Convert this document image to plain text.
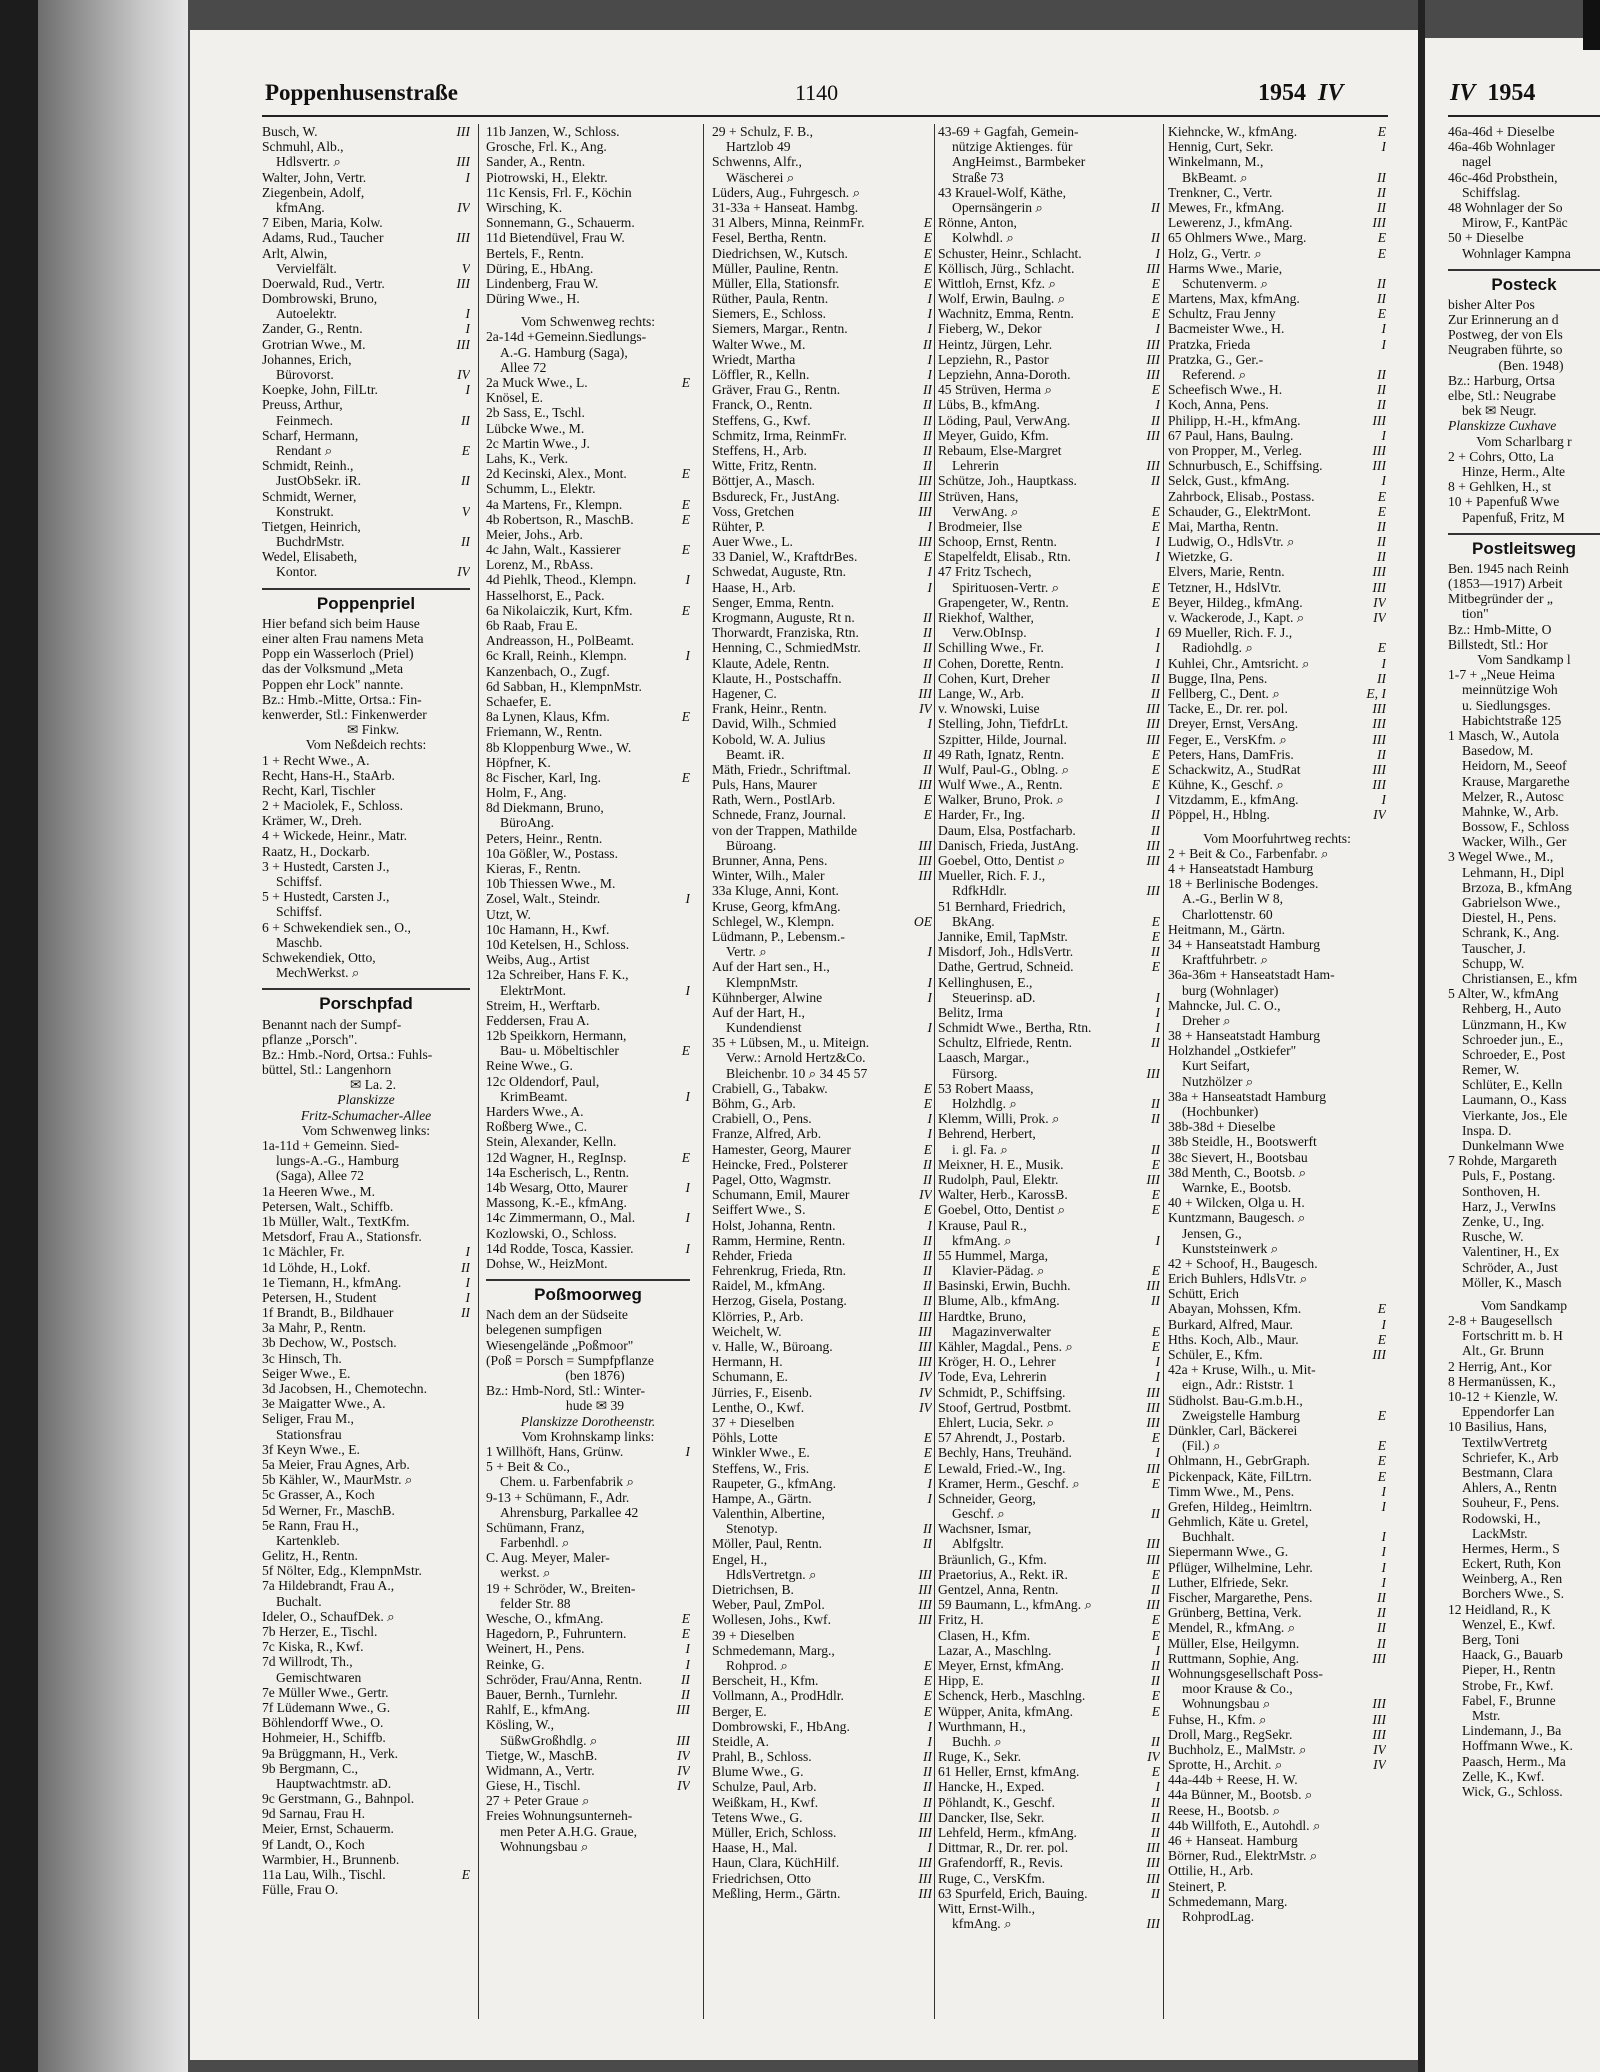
Poppenhusenstraße	1140	1954 IV	IV 1954
Busch, W.	III
Schmuhl, Alb.,
Hdlsvertr. ⌕	III
Walter, John, Vertr.	I
Ziegenbein, Adolf,
kfmAng.	IV
7 Eiben, Maria, Kolw.
Adams, Rud., Taucher	III
Arlt, Alwin,
Vervielfält.	V
Doerwald, Rud., Vertr.	III
Dombrowski, Bruno,
Autoelektr.	I
Zander, G., Rentn.	I
Grotrian Wwe., M.	III
Johannes, Erich,
Bürovorst.	IV
Koepke, John, FilLtr.	I
Preuss, Arthur,
Feinmech.	II
Scharf, Hermann,
Rendant ⌕	E
Schmidt, Reinh.,
JustObSekr. iR.	II
Schmidt, Werner,
Konstrukt.	V
Tietgen, Heinrich,
BuchdrMstr.	II
Wedel, Elisabeth,
Kontor.	IV
Poppenpriel
Hier befand sich beim Hause
einer alten Frau namens Meta
Popp ein Wasserloch (Priel)
das der Volksmund „Meta
Poppen ehr Lock" nannte.
Bz.: Hmb.-Mitte, Ortsa.: Fin-
kenwerder, Stl.: Finkenwerder
✉ Finkw.
Vom Neßdeich rechts:
1 + Recht Wwe., A.
Recht, Hans-H., StaArb.
Recht, Karl, Tischler
2 + Maciolek, F., Schloss.
Krämer, W., Dreh.
4 + Wickede, Heinr., Matr.
Raatz, H., Dockarb.
3 + Hustedt, Carsten J.,
Schiffsf.
5 + Hustedt, Carsten J.,
Schiffsf.
6 + Schwekendiek sen., O.,
Maschb.
Schwekendiek, Otto,
MechWerkst. ⌕
Porschpfad
Benannt nach der Sumpf-
pflanze „Porsch".
Bz.: Hmb.-Nord, Ortsa.: Fuhls-
büttel, Stl.: Langenhorn
✉ La. 2.
Planskizze
Fritz-Schumacher-Allee
Vom Schwenweg links:
1a-11d + Gemeinn. Sied-
lungs-A.-G., Hamburg
(Saga), Allee 72
1a Heeren Wwe., M.
Petersen, Walt., Schiffb.
1b Müller, Walt., TextKfm.
Metsdorf, Frau A., Stationsfr.
1c Mächler, Fr.	I
1d Löhde, H., Lokf.	II
1e Tiemann, H., kfmAng.	I
Petersen, H., Student	I
1f Brandt, B., Bildhauer	II
3a Mahr, P., Rentn.
3b Dechow, W., Postsch.
3c Hinsch, Th.
Seiger Wwe., E.
3d Jacobsen, H., Chemotechn.
3e Maigatter Wwe., A.
Seliger, Frau M.,
Stationsfrau
3f Keyn Wwe., E.
5a Meier, Frau Agnes, Arb.
5b Kähler, W., MaurMstr. ⌕
5c Grasser, A., Koch
5d Werner, Fr., MaschB.
5e Rann, Frau H.,
Kartenkleb.
Gelitz, H., Rentn.
5f Nölter, Edg., KlempnMstr.
7a Hildebrandt, Frau A.,
Buchalt.
Ideler, O., SchaufDek. ⌕
7b Herzer, E., Tischl.
7c Kiska, R., Kwf.
7d Willrodt, Th.,
Gemischtwaren
7e Müller Wwe., Gertr.
7f Lüdemann Wwe., G.
Böhlendorff Wwe., O.
Hohmeier, H., Schiffb.
9a Brüggmann, H., Verk.
9b Bergmann, C.,
Hauptwachtmstr. aD.
9c Gerstmann, G., Bahnpol.
9d Sarnau, Frau H.
Meier, Ernst, Schauerm.
9f Landt, O., Koch
Warmbier, H., Brunnenb.
11a Lau, Wilh., Tischl.	E
Fülle, Frau O.
11b Janzen, W., Schloss.
Grosche, Frl. K., Ang.
Sander, A., Rentn.
Piotrowski, H., Elektr.
11c Kensis, Frl. F., Köchin
Wirsching, K.
Sonnemann, G., Schauerm.
11d Bietendüvel, Frau W.
Bertels, F., Rentn.
Düring, E., HbAng.
Lindenberg, Frau W.
Düring Wwe., H.
Vom Schwenweg rechts:
2a-14d +Gemeinn.Siedlungs-
A.-G. Hamburg (Saga),
Allee 72
2a Muck Wwe., L.	E
Knösel, E.
2b Sass, E., Tschl.
Lübcke Wwe., M.
2c Martin Wwe., J.
Lahs, K., Verk.
2d Kecinski, Alex., Mont.	E
Schumm, L., Elektr.
4a Martens, Fr., Klempn.	E
4b Robertson, R., MaschB.	E
Meier, Johs., Arb.
4c Jahn, Walt., Kassierer	E
Lorenz, M., RbAss.
4d Piehlk, Theod., Klempn.	I
Hasselhorst, E., Pack.
6a Nikolaiczik, Kurt, Kfm.	E
6b Raab, Frau E.
Andreasson, H., PolBeamt.
6c Krall, Reinh., Klempn.	I
Kanzenbach, O., Zugf.
6d Sabban, H., KlempnMstr.
Schaefer, E.
8a Lynen, Klaus, Kfm.	E
Friemann, W., Rentn.
8b Kloppenburg Wwe., W.
Höpfner, K.
8c Fischer, Karl, Ing.	E
Holm, F., Ang.
8d Diekmann, Bruno,
BüroAng.
Peters, Heinr., Rentn.
10a Gößler, W., Postass.
Kieras, F., Rentn.
10b Thiessen Wwe., M.
Zosel, Walt., Steindr.	I
Utzt, W.
10c Hamann, H., Kwf.
10d Ketelsen, H., Schloss.
Weibs, Aug., Artist
12a Schreiber, Hans F. K.,
ElektrMont.	I
Streim, H., Werftarb.
Feddersen, Frau A.
12b Speikkorn, Hermann,
Bau- u. Möbeltischler	E
Reine Wwe., G.
12c Oldendorf, Paul,
KrimBeamt.	I
Harders Wwe., A.
Roßberg Wwe., C.
Stein, Alexander, Kelln.
12d Wagner, H., RegInsp.	E
14a Escherisch, L., Rentn.
14b Wesarg, Otto, Maurer	I
Massong, K.-E., kfmAng.
14c Zimmermann, O., Mal.	I
Kozlowski, O., Schloss.
14d Rodde, Tosca, Kassier.	I
Dohse, W., HeizMont.
Poßmoorweg
Nach dem an der Südseite
belegenen sumpfigen
Wiesengelände „Poßmoor"
(Poß = Porsch = Sumpfpflanze
(ben 1876)
Bz.: Hmb-Nord, Stl.: Winter-
hude ✉ 39
Planskizze Dorotheenstr.
Vom Krohnskamp links:
1 Willhöft, Hans, Grünw.	I
5 + Beit & Co.,
Chem. u. Farbenfabrik ⌕
9-13 + Schümann, F., Adr.
Ahrensburg, Parkallee 42
Schümann, Franz,
Farbenhdl. ⌕
C. Aug. Meyer, Maler-
werkst. ⌕
19 + Schröder, W., Breiten-
felder Str. 88
Wesche, O., kfmAng.	E
Hagedorn, P., Fuhruntern.	E
Weinert, H., Pens.	I
Reinke, G.	I
Schröder, Frau/Anna, Rentn.	II
Bauer, Bernh., Turnlehr.	II
Rahlf, E., kfmAng.	III
Kösling, W.,
SüßwGroßhdlg. ⌕	III
Tietge, W., MaschB.	IV
Widmann, A., Vertr.	IV
Giese, H., Tischl.	IV
27 + Peter Graue ⌕
Freies Wohnungsunterneh-
men Peter A.H.G. Graue,
Wohnungsbau ⌕
29 + Schulz, F. B.,
Hartzlob 49
Schwenns, Alfr.,
Wäscherei ⌕
Lüders, Aug., Fuhrgesch. ⌕
31-33a + Hanseat. Hambg.
31 Albers, Minna, ReinmFr.	E
Fesel, Bertha, Rentn.	E
Diedrichsen, W., Kutsch.	E
Müller, Pauline, Rentn.	E
Müller, Ella, Stationsfr.	E
Rüther, Paula, Rentn.	I
Siemers, E., Schloss.	I
Siemers, Margar., Rentn.	I
Walter Wwe., M.	II
Wriedt, Martha	I
Löffler, R., Kelln.	I
Gräver, Frau G., Rentn.	II
Franck, O., Rentn.	II
Steffens, G., Kwf.	II
Schmitz, Irma, ReinmFr.	II
Steffens, H., Arb.	II
Witte, Fritz, Rentn.	II
Böttjer, A., Masch.	III
Bsdureck, Fr., JustAng.	III
Voss, Gretchen	III
Rühter, P.	I
Auer Wwe., L.	III
33 Daniel, W., KraftdrBes.	E
Schwedat, Auguste, Rtn.	I
Haase, H., Arb.	I
Senger, Emma, Rentn.
Krogmann, Auguste, Rt n.	II
Thorwardt, Franziska, Rtn.	II
Henning, C., SchmiedMstr.	II
Klaute, Adele, Rentn.	II
Klaute, H., Postschaffn.	II
Hagener, C.	III
Frank, Heinr., Rentn.	IV
David, Wilh., Schmied	I
Kobold, W. A. Julius
Beamt. iR.	II
Mäth, Friedr., Schriftmal.	II
Puls, Hans, Maurer	III
Rath, Wern., PostlArb.	E
Schnede, Franz, Journal.	E
von der Trappen, Mathilde
Büroang.	III
Brunner, Anna, Pens.	III
Winter, Wilh., Maler	III
33a Kluge, Anni, Kont.
Kruse, Georg, kfmAng.
Schlegel, W., Klempn.	OE
Lüdmann, P., Lebensm.-
Vertr. ⌕	I
Auf der Hart sen., H.,
KlempnMstr.	I
Kühnberger, Alwine	I
Auf der Hart, H.,
Kundendienst	I
35 + Lübsen, M., u. Miteign.
Verw.: Arnold Hertz&Co.
Bleichenbr. 10 ⌕ 34 45 57
Crabiell, G., Tabakw.	E
Böhm, G., Arb.	E
Crabiell, O., Pens.	I
Franze, Alfred, Arb.	I
Hamester, Georg, Maurer	E
Heincke, Fred., Polsterer	II
Pagel, Otto, Wagmstr.	II
Schumann, Emil, Maurer	IV
Seiffert Wwe., S.	E
Holst, Johanna, Rentn.	I
Ramm, Hermine, Rentn.	II
Rehder, Frieda	II
Fehrenkrug, Frieda, Rtn.	II
Raidel, M., kfmAng.	II
Herzog, Gisela, Postang.	II
Klörries, P., Arb.	III
Weichelt, W.	III
v. Halle, W., Büroang.	III
Hermann, H.	III
Schumann, E.	IV
Jürries, F., Eisenb.	IV
Lenthe, O., Kwf.	IV
37 + Dieselben
Pöhls, Lotte	E
Winkler Wwe., E.	E
Steffens, W., Fris.	E
Raupeter, G., kfmAng.	I
Hampe, A., Gärtn.	I
Valenthin, Albertine,
Stenotyp.	II
Möller, Paul, Rentn.	II
Engel, H.,
HdlsVertretgn. ⌕	III
Dietrichsen, B.	III
Weber, Paul, ZmPol.	III
Wollesen, Johs., Kwf.	III
39 + Dieselben
Schmedemann, Marg.,
Rohprod. ⌕	E
Berscheit, H., Kfm.	E
Vollmann, A., ProdHdlr.	E
Berger, E.	E
Dombrowski, F., HbAng.	I
Steidle, A.	I
Prahl, B., Schloss.	II
Blume Wwe., G.	II
Schulze, Paul, Arb.	II
Weißkam, H., Kwf.	II
Tetens Wwe., G.	III
Müller, Erich, Schloss.	III
Haase, H., Mal.	I
Haun, Clara, KüchHilf.	III
Friedrichsen, Otto	III
Meßling, Herm., Gärtn.	III
43-69 + Gagfah, Gemein-
nützige Aktienges. für
AngHeimst., Barmbeker
Straße 73
43 Krauel-Wolf, Käthe,
Opernsängerin ⌕	II
Rönne, Anton,
Kolwhdl. ⌕	II
Schuster, Heinr., Schlacht.	I
Köllisch, Jürg., Schlacht.	III
Wittloh, Ernst, Kfz. ⌕	E
Wolf, Erwin, Baulng. ⌕	E
Wachnitz, Emma, Rentn.	E
Fieberg, W., Dekor	I
Heintz, Jürgen, Lehr.	III
Lepziehn, R., Pastor	III
Lepziehn, Anna-Doroth.	III
45 Strüven, Herma ⌕	E
Lübs, B., kfmAng.	I
Löding, Paul, VerwAng.	II
Meyer, Guido, Kfm.	III
Rebaum, Else-Margret
Lehrerin	III
Schütze, Joh., Hauptkass.	II
Strüven, Hans,
VerwAng. ⌕	E
Brodmeier, Ilse	E
Schoop, Ernst, Rentn.	I
Stapelfeldt, Elisab., Rtn.	I
47 Fritz Tschech,
Spirituosen-Vertr. ⌕	E
Grapengeter, W., Rentn.	E
Riekhof, Walther,
Verw.ObInsp.	I
Schilling Wwe., Fr.	I
Cohen, Dorette, Rentn.	I
Cohen, Kurt, Dreher	II
Lange, W., Arb.	II
v. Wnowski, Luise	III
Stelling, John, TiefdrLt.	III
Szpitter, Hilde, Journal.	III
49 Rath, Ignatz, Rentn.	E
Wulf, Paul-G., Oblng. ⌕	E
Wulf Wwe., A., Rentn.	E
Walker, Bruno, Prok. ⌕	I
Harder, Fr., Ing.	II
Daum, Elsa, Postfacharb.	II
Danisch, Frieda, JustAng.	III
Goebel, Otto, Dentist ⌕	III
Mueller, Rich. F. J.,
RdfkHdlr.	III
51 Bernhard, Friedrich,
BkAng.	E
Jannike, Emil, TapMstr.	E
Misdorf, Joh., HdlsVertr.	II
Dathe, Gertrud, Schneid.	E
Kellinghusen, E.,
Steuerinsp. aD.	I
Belitz, Irma	I
Schmidt Wwe., Bertha, Rtn.	I
Schultz, Elfriede, Rentn.	II
Laasch, Margar.,
Fürsorg.	III
53 Robert Maass,
Holzhdlg. ⌕	II
Klemm, Willi, Prok. ⌕	II
Behrend, Herbert,
i. gl. Fa. ⌕	II
Meixner, H. E., Musik.	E
Rudolph, Paul, Elektr.	III
Walter, Herb., KarossB.	E
Goebel, Otto, Dentist ⌕	E
Krause, Paul R.,
kfmAng. ⌕	I
55 Hummel, Marga,
Klavier-Pädag. ⌕	E
Basinski, Erwin, Buchh.	III
Blume, Alb., kfmAng.	II
Hardtke, Bruno,
Magazinverwalter	E
Kähler, Magdal., Pens. ⌕	E
Kröger, H. O., Lehrer	I
Tode, Eva, Lehrerin	I
Schmidt, P., Schiffsing.	III
Stoof, Gertrud, Postbmt.	III
Ehlert, Lucia, Sekr. ⌕	III
57 Ahrendt, J., Postarb.	E
Bechly, Hans, Treuhänd.	I
Lewald, Fried.-W., Ing.	III
Kramer, Herm., Geschf. ⌕	E
Schneider, Georg,
Geschf. ⌕	II
Wachsner, Ismar,
Ablfgsltr.	III
Bräunlich, G., Kfm.	III
Praetorius, A., Rekt. iR.	E
Gentzel, Anna, Rentn.	II
59 Baumann, L., kfmAng. ⌕	III
Fritz, H.	E
Clasen, H., Kfm.	E
Lazar, A., Maschlng.	I
Meyer, Ernst, kfmAng.	II
Hipp, E.	II
Schenck, Herb., Maschlng.	E
Wüpper, Anita, kfmAng.	E
Wurthmann, H.,
Buchh. ⌕	II
Ruge, K., Sekr.	IV
61 Heller, Ernst, kfmAng.	E
Hancke, H., Exped.	I
Pöhlandt, K., Geschf.	II
Dancker, Ilse, Sekr.	II
Lehfeld, Herm., kfmAng.	II
Dittmar, R., Dr. rer. pol.	III
Grafendorff, R., Revis.	III
Ruge, C., VersKfm.	III
63 Spurfeld, Erich, Bauing.	II
Witt, Ernst-Wilh.,
kfmAng. ⌕	III
Kiehncke, W., kfmAng.	E
Hennig, Curt, Sekr.	I
Winkelmann, M.,
BkBeamt. ⌕	II
Trenkner, C., Vertr.	II
Mewes, Fr., kfmAng.	II
Lewerenz, J., kfmAng.	III
65 Ohlmers Wwe., Marg.	E
Holz, G., Vertr. ⌕	E
Harms Wwe., Marie,
Schutenverm. ⌕	II
Martens, Max, kfmAng.	II
Schultz, Frau Jenny	E
Bacmeister Wwe., H.	I
Pratzka, Frieda	I
Pratzka, G., Ger.-
Referend. ⌕	II
Scheefisch Wwe., H.	II
Koch, Anna, Pens.	II
Philipp, H.-H., kfmAng.	III
67 Paul, Hans, Baulng.	I
von Propper, M., Verleg.	III
Schnurbusch, E., Schiffsing.	III
Selck, Gust., kfmAng.	I
Zahrbock, Elisab., Postass.	E
Schauder, G., ElektrMont.	E
Mai, Martha, Rentn.	II
Ludwig, O., HdlsVtr. ⌕	II
Wietzke, G.	II
Elvers, Marie, Rentn.	III
Tetzner, H., HdslVtr.	III
Beyer, Hildeg., kfmAng.	IV
v. Wackerode, J., Kapt. ⌕	IV
69 Mueller, Rich. F. J.,
Radiohdlg. ⌕	E
Kuhlei, Chr., Amtsricht. ⌕	I
Bugge, Ilna, Pens.	II
Fellberg, C., Dent. ⌕	E, I
Tacke, E., Dr. rer. pol.	III
Dreyer, Ernst, VersAng.	III
Feger, E., VersKfm. ⌕	III
Peters, Hans, DamFris.	II
Schackwitz, A., StudRat	III
Kühne, K., Geschf. ⌕	III
Vitzdamm, E., kfmAng.	I
Pöppel, H., Hblng.	IV
Vom Moorfuhrtweg rechts:
2 + Beit & Co., Farbenfabr. ⌕
4 + Hanseatstadt Hamburg
18 + Berlinische Bodenges.
A.-G., Berlin W 8,
Charlottenstr. 60
Heitmann, M., Gärtn.
34 + Hanseatstadt Hamburg
Kraftfuhrbetr. ⌕
36a-36m + Hanseatstadt Ham-
burg (Wohnlager)
Mahncke, Jul. C. O.,
Dreher ⌕
38 + Hanseatstadt Hamburg
Holzhandel „Ostkiefer"
Kurt Seifart,
Nutzhölzer ⌕
38a + Hanseatstadt Hamburg
(Hochbunker)
38b-38d + Dieselbe
38b Steidle, H., Bootswerft
38c Sievert, H., Bootsbau
38d Menth, C., Bootsb. ⌕
Warnke, E., Bootsb.
40 + Wilcken, Olga u. H.
Kuntzmann, Baugesch. ⌕
Jensen, G.,
Kunststeinwerk ⌕
42 + Schoof, H., Baugesch.
Erich Buhlers, HdlsVtr. ⌕
Schütt, Erich
Abayan, Mohssen, Kfm.	E
Burkard, Alfred, Maur.	I
Hths. Koch, Alb., Maur.	E
Schüler, E., Kfm.	III
42a + Kruse, Wilh., u. Mit-
eign., Adr.: Riststr. 1
Südholst. Bau-G.m.b.H.,
Zweigstelle Hamburg	E
Dünkler, Carl, Bäckerei
(Fil.) ⌕	E
Ohlmann, H., GebrGraph.	E
Pickenpack, Käte, FilLtrn.	E
Timm Wwe., M., Pens.	I
Grefen, Hildeg., Heimltrn.	I
Gehmlich, Käte u. Gretel,
Buchhalt.	I
Siepermann Wwe., G.	I
Pflüger, Wilhelmine, Lehr.	I
Luther, Elfriede, Sekr.	I
Fischer, Margarethe, Pens.	II
Grünberg, Bettina, Verk.	II
Mendel, R., kfmAng. ⌕	II
Müller, Else, Heilgymn.	II
Ruttmann, Sophie, Ang.	III
Wohnungsgesellschaft Poss-
moor Krause & Co.,
Wohnungsbau ⌕	III
Fuhse, H., Kfm. ⌕	III
Droll, Marg., RegSekr.	III
Buchholz, E., MalMstr. ⌕	IV
Sprotte, H., Archit. ⌕	IV
44a-44b + Reese, H. W.
44a Bünner, M., Bootsb. ⌕
Reese, H., Bootsb. ⌕
44b Willfoth, E., Autohdl. ⌕
46 + Hanseat. Hamburg
Börner, Rud., ElektrMstr. ⌕
Ottilie, H., Arb.
Steinert, P.
Schmedemann, Marg.
RohprodLag.
46a-46d + Dieselbe
46a-46b Wohnlager
nagel
46c-46d Probsthein,
Schiffslag.
48 Wohnlager der So
Mirow, F., KantPäc
50 + Dieselbe
Wohnlager Kampna
Posteck
bisher Alter Pos
Zur Erinnerung an d
Postweg, der von Els
Neugraben führte, so
(Ben. 1948)
Bz.: Harburg, Ortsa
elbe, Stl.: Neugrabe
bek ✉ Neugr.
Planskizze Cuxhave
Vom Scharlbarg r
2 + Cohrs, Otto, La
Hinze, Herm., Alte
8 + Gehlken, H., st
10 + Papenfuß Wwe
Papenfuß, Fritz, M
Postleitsweg
Ben. 1945 nach Reinh
(1853—1917) Arbeit
Mitbegründer der „
tion"
Bz.: Hmb-Mitte, O
Billstedt, Stl.: Hor
Vom Sandkamp l
1-7 + „Neue Heima
meinnützige Woh
u. Siedlungsges.
Habichtstraße 125
1 Masch, W., Autola
Basedow, M.
Heidorn, M., Seeof
Krause, Margarethe
Melzer, R., Autosc
Mahnke, W., Arb.
Bossow, F., Schloss
Wacker, Wilh., Ger
3 Wegel Wwe., M.,
Lehmann, H., Dipl
Brzoza, B., kfmAng
Gabrielson Wwe.,
Diestel, H., Pens.
Schrank, K., Ang.
Tauscher, J.
Schupp, W.
Christiansen, E., kfm
5 Alter, W., kfmAng
Rehberg, H., Auto
Lünzmann, H., Kw
Schroeder jun., E.,
Schroeder, E., Post
Remer, W.
Schlüter, E., Kelln
Laumann, O., Kass
Vierkante, Jos., Ele
Inspa. D.
Dunkelmann Wwe
7 Rohde, Margareth
Puls, F., Postang.
Sonthoven, H.
Harz, J., VerwIns
Zenke, U., Ing.
Rusche, W.
Valentiner, H., Ex
Schröder, A., Just
Möller, K., Masch
Vom Sandkamp
2-8 + Baugesellsch
Fortschritt m. b. H
Alt., Gr. Brunn
2 Herrig, Ant., Kor
8 Hermanüssen, K.,
10-12 + Kienzle, W.
Eppendorfer Lan
10 Basilius, Hans,
TextilwVertretg
Schriefer, K., Arb
Bestmann, Clara
Ahlers, A., Rentn
Souheur, F., Pens.
Rodowski, H.,
LackMstr.
Hermes, Herm., S
Eckert, Ruth, Kon
Weinberg, A., Ren
Borchers Wwe., S.
12 Heidland, R., K
Wenzel, E., Kwf.
Berg, Toni
Haack, G., Bauarb
Pieper, H., Rentn
Strobe, Fr., Kwf.
Fabel, F., Brunne
Mstr.
Lindemann, J., Ba
Hoffmann Wwe., K.
Paasch, Herm., Ma
Zelle, K., Kwf.
Wick, G., Schloss.
